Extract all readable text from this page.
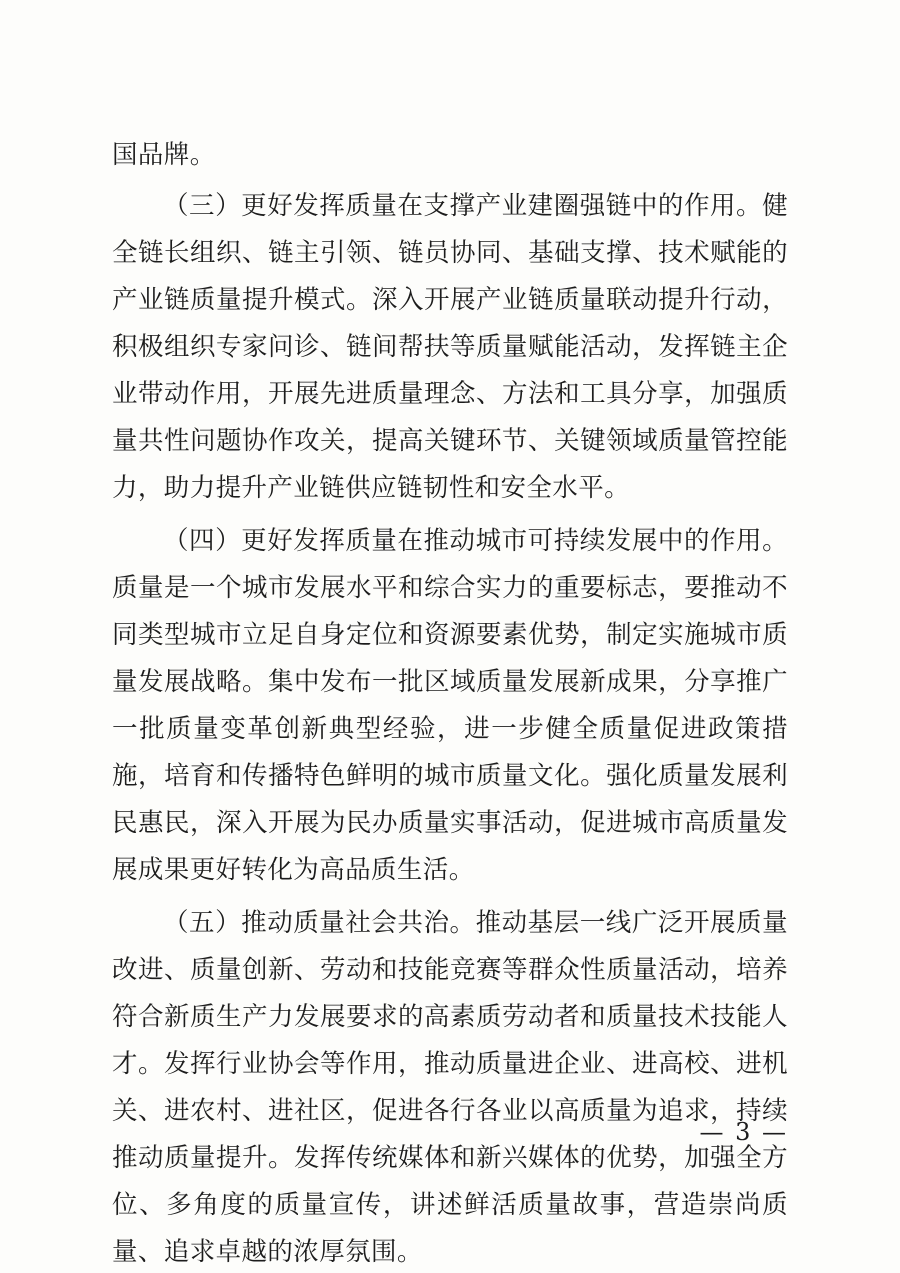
国品牌。

（三）更好发挥质量在支撑产业建圈强链中的作用。健全链长组织、链主引领、链员协同、基础支撑、技术赋能的产业链质量提升模式。深入开展产业链质量联动提升行动，积极组织专家问诊、链间帮扶等质量赋能活动，发挥链主企业带动作用，开展先进质量理念、方法和工具分享，加强质量共性问题协作攻关，提高关键环节、关键领域质量管控能力，助力提升产业链供应链韧性和安全水平。

（四）更好发挥质量在推动城市可持续发展中的作用。质量是一个城市发展水平和综合实力的重要标志，要推动不同类型城市立足自身定位和资源要素优势，制定实施城市质量发展战略。集中发布一批区域质量发展新成果，分享推广一批质量变革创新典型经验，进一步健全质量促进政策措施，培育和传播特色鲜明的城市质量文化。强化质量发展利民惠民，深入开展为民办质量实事活动，促进城市高质量发展成果更好转化为高品质生活。

（五）推动质量社会共治。推动基层一线广泛开展质量改进、质量创新、劳动和技能竞赛等群众性质量活动，培养符合新质生产力发展要求的高素质劳动者和质量技术技能人才。发挥行业协会等作用，推动质量进企业、进高校、进机关、进农村、进社区，促进各行各业以高质量为追求，持续推动质量提升。发挥传统媒体和新兴媒体的优势，加强全方位、多角度的质量宣传，讲述鲜活质量故事，营造崇尚质量、追求卓越的浓厚氛围。

— 3 —
